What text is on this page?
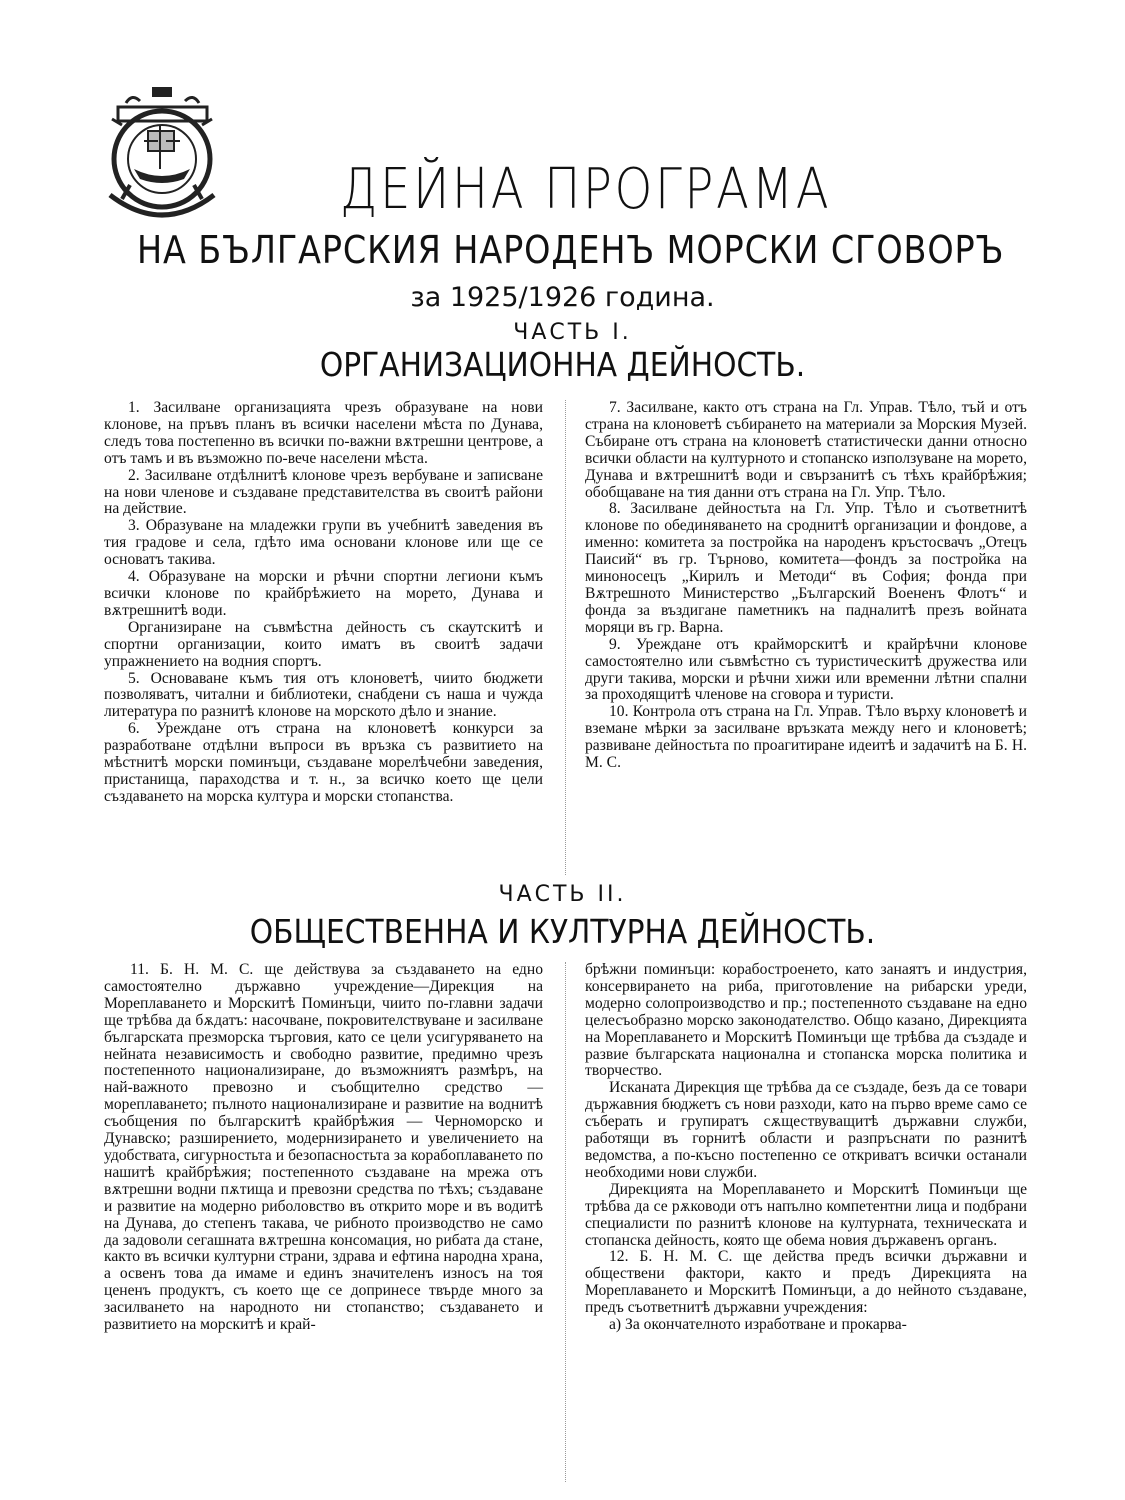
ДЕЙНА ПРОГРАМА
НА БЪЛГАРСКИЯ НАРОДЕНЪ МОРСКИ СГОВОРЪ
за 1925/1926 година.
ЧАСТЬ I.
ОРГАНИЗАЦИОННА ДЕЙНОСТЬ.

1. Засилване организацията чрезъ образуване на нови клонове, на пръвъ планъ въ всички населени мѣста по Дунава, следъ това постепенно въ всички по-важни вѫтрешни центрове, а отъ тамъ и въ възможно по-вече населени мѣста.

2. Засилване отдѣлнитѣ клонове чрезъ вербуване и записване на нови членове и създаване представителства въ своитѣ райони на действие.

3. Образуване на младежки групи въ учебнитѣ заведения въ тия градове и села, гдѣто има основани клонове или ще се основатъ такива.

4. Образуване на морски и рѣчни спортни легиони къмъ всички клонове по крайбрѣжието на морето, Дунава и вѫтрешнитѣ води.

Организиране на съвмѣстна дейность съ скаутскитѣ и спортни организации, които иматъ въ своитѣ задачи упражнението на водния спортъ.

5. Основаване къмъ тия отъ клоноветѣ, чиито бюджети позволяватъ, читални и библиотеки, снабдени съ наша и чужда литература по разнитѣ клонове на морското дѣло и знание.

6. Уреждане отъ страна на клоноветѣ конкурси за разработване отдѣлни въпроси въ връзка съ развитието на мѣстнитѣ морски поминъци, създаване морелѣчебни заведения, пристанища, параходства и т. н., за всичко което ще цели създаването на морска култура и морски стопанства.

7. Засилване, както отъ страна на Гл. Управ. Тѣло, тъй и отъ страна на клоноветѣ събирането на материали за Морския Музей. Събиране отъ страна на клоноветѣ статистически данни относно всички области на културното и стопанско използуване на морето, Дунава и вѫтрешнитѣ води и свързанитѣ съ тѣхъ крайбрѣжия; обобщаване на тия данни отъ страна на Гл. Упр. Тѣло.

8. Засилване дейностьта на Гл. Упр. Тѣло и съответнитѣ клонове по обединяването на сроднитѣ организации и фондове, а именно: комитета за постройка на народенъ кръстосвачъ „Отецъ Паисий“ въ гр. Търново, комитета—фондъ за постройка на миноносецъ „Кирилъ и Методи“ въ София; фонда при Вѫтрешното Министерство „Българский Воененъ Флотъ“ и фонда за въздигане паметникъ на падналитѣ презъ войната моряци въ гр. Варна.

9. Уреждане отъ крайморскитѣ и крайрѣчни клонове самостоятелно или съвмѣстно съ туристическитѣ дружества или други такива, морски и рѣчни хижи или временни лѣтни спални за проходящитѣ членове на сговора и туристи.

10. Контрола отъ страна на Гл. Управ. Тѣло върху клоноветѣ и вземане мѣрки за засилване връзката между него и клоноветѣ; развиване дейностьта по проагитиране идеитѣ и задачитѣ на Б. Н. М. С.

ЧАСТЬ II.
ОБЩЕСТВЕННА И КУЛТУРНА ДЕЙНОСТЬ.

11. Б. Н. М. С. ще действува за създаването на едно самостоятелно държавно учреждение—Дирекция на Мореплаването и Морскитѣ Поминъци, чиито по-главни задачи ще трѣбва да бѫдатъ: насочване, покровителствуване и засилване българската презморска търговия, като се цели усигуряването на нейната независимость и свободно развитие, предимно чрезъ постепенното национализиране, до възможниятъ размѣръ, на най-важното превозно и съобщително средство — мореплаването; пълното национализиране и развитие на воднитѣ съобщения по българскитѣ крайбрѣжия — Черноморско и Дунавско; разширението, модернизирането и увеличението на удобствата, сигурностьта и безопасностьта за корабоплаването по нашитѣ крайбрѣжия; постепенното създаване на мрежа отъ вѫтрешни водни пѫтища и превозни средства по тѣхъ; създаване и развитие на модерно риболовство въ открито море и въ водитѣ на Дунава, до степенъ такава, че рибното производство не само да задоволи сегашната вѫтрешна консомация, но рибата да стане, както въ всички културни страни, здрава и ефтина народна храна, а освенъ това да имаме и единъ значителенъ износъ на тоя цененъ продуктъ, съ което ще се допринесе твърде много за засилването на народното ни стопанство; създаването и развитието на морскитѣ и край-

брѣжни поминъци: корабостроенето, като занаятъ и индустрия, консервирането на риба, приготовление на рибарски уреди, модерно солопроизводство и пр.; постепенното създаване на едно целесъобразно морско законодателство. Общо казано, Дирекцията на Мореплаването и Морскитѣ Поминъци ще трѣбва да създаде и развие българската национална и стопанска морска политика и творчество.

Исканата Дирекция ще трѣбва да се създаде, безъ да се товари държавния бюджетъ съ нови разходи, като на първо време само се съберать и групиратъ сѫществуващитѣ държавни служби, работящи въ горнитѣ области и разпръснати по разнитѣ ведомства, а по-късно постепенно се откриватъ всички останали необходими нови служби.

Дирекцията на Мореплаването и Морскитѣ Поминъци ще трѣбва да се рѫководи отъ напълно компетентни лица и подбрани специалисти по разнитѣ клонове на културната, техническата и стопанска дейность, която ще обема новия държавенъ органъ.

12. Б. Н. М. С. ще действа предъ всички държавни и обществени фактори, както и предъ Дирекцията на Мореплаването и Морскитѣ Поминъци, а до нейното създаване, предъ съответнитѣ държавни учреждения:

а) За окончателното изработване и прокарва-
